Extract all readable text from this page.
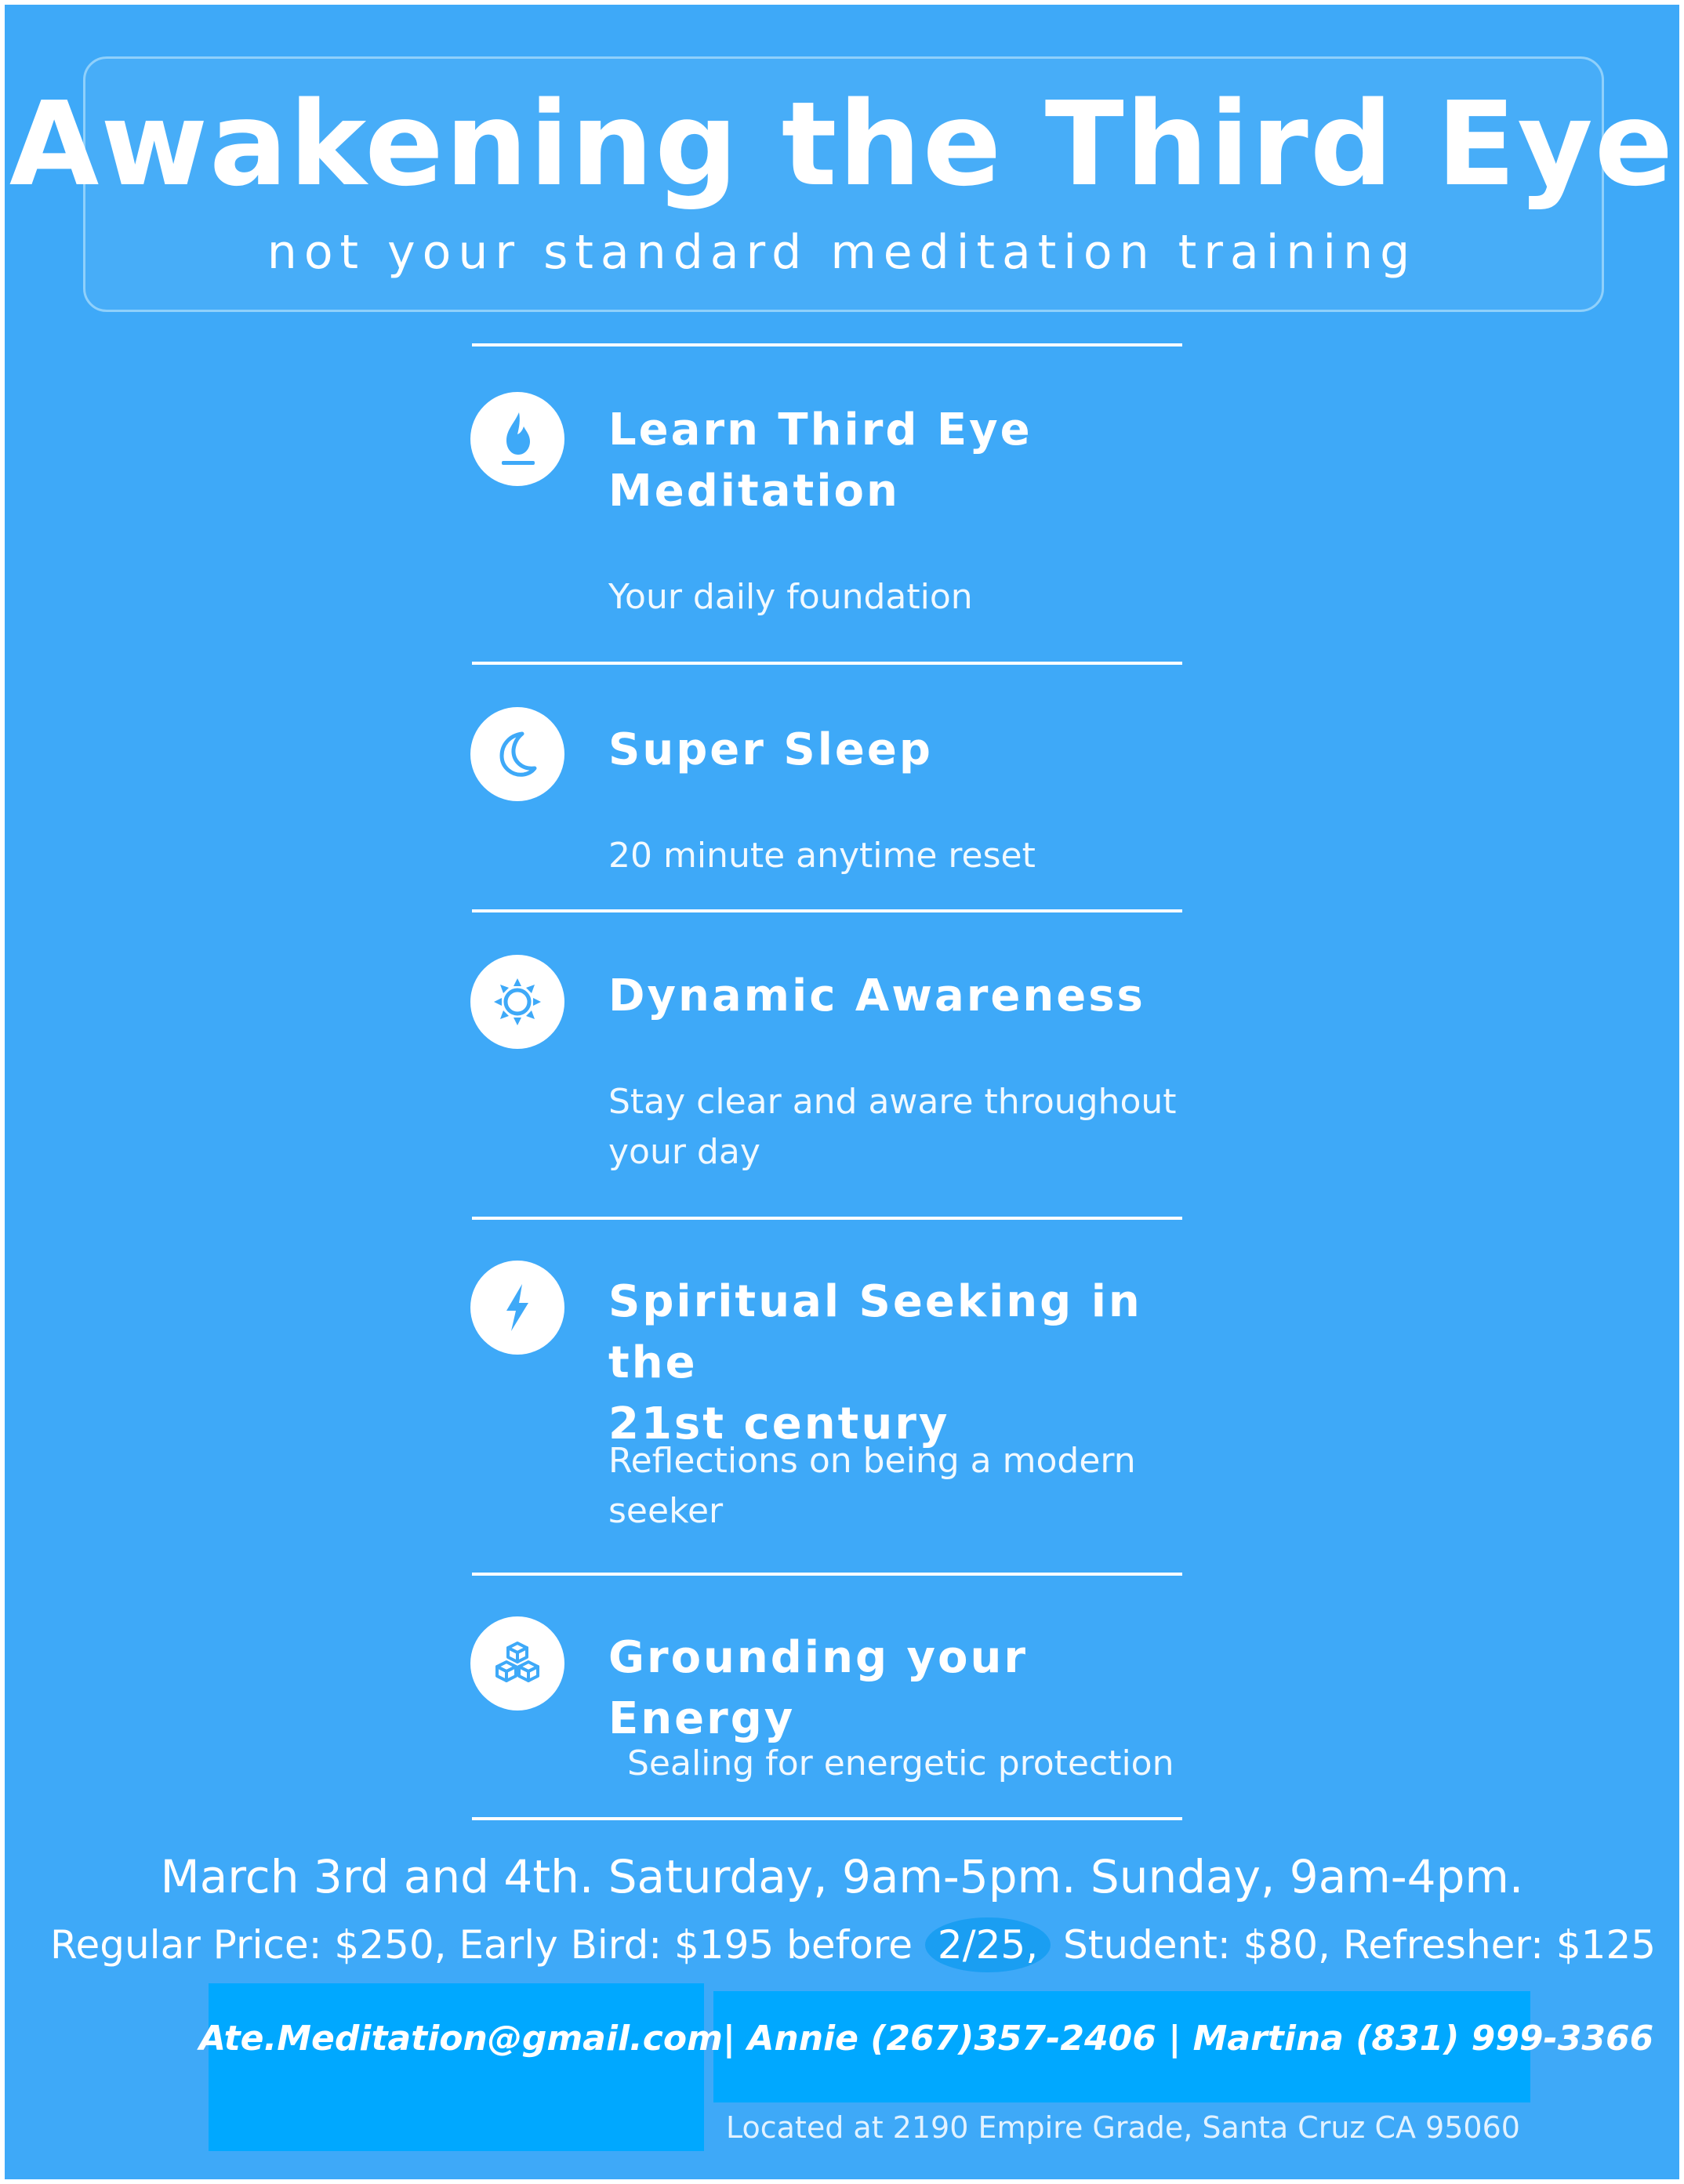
Awakening the Third Eye
not your standard meditation training
Learn Third Eye
Meditation
Your daily foundation
Super Sleep
20 minute anytime reset
Dynamic Awareness
Stay clear and aware throughout
your day
Spiritual Seeking in the
21st century
Reflections on being a modern
seeker
Grounding your Energy
Sealing for energetic protection
March 3rd and 4th. Saturday, 9am-5pm. Sunday, 9am-4pm.
Regular Price: $250, Early Bird: $195 before 2/25, Student: $80, Refresher: $125
Ate.Meditation@gmail.com| Annie (267)357-2406 | Martina (831) 999-3366
Located at 2190 Empire Grade, Santa Cruz CA 95060
